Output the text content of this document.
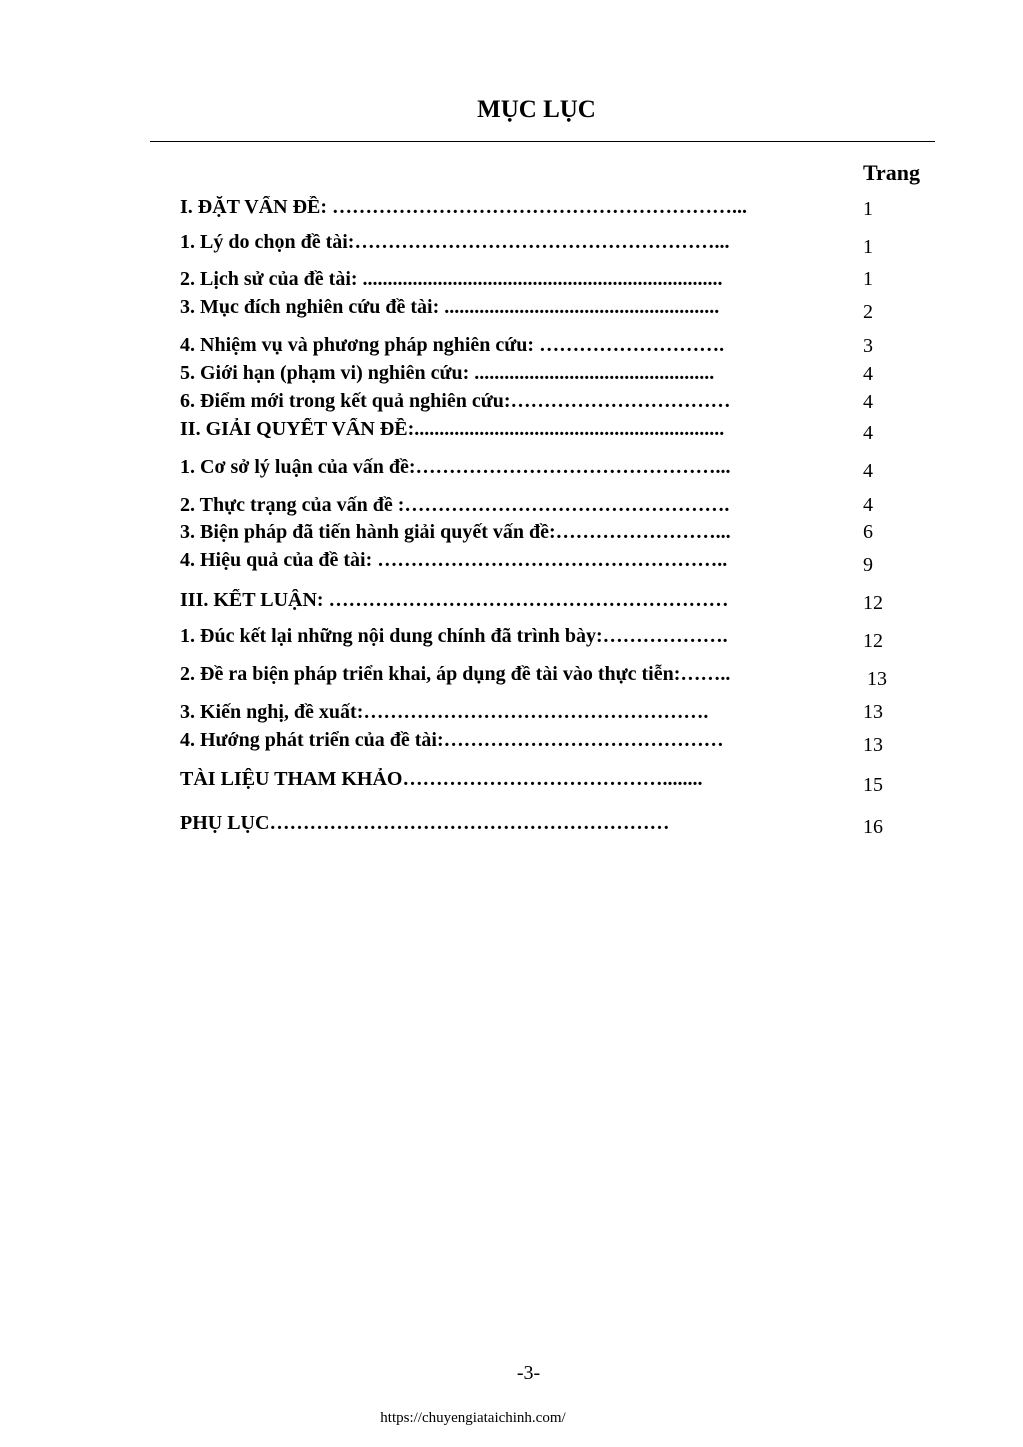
MỤC LỤC
Trang
I. ĐẶT VẤN ĐỀ: ……………………………………………………...	1
1. Lý do chọn đề tài:………………………………………………...	1
2. Lịch sử của đề tài: ........................................................................	1
3. Mục đích nghiên cứu đề tài: .......................................................	2
4. Nhiệm vụ và phương pháp nghiên cứu: ……………………….	3
5. Giới hạn (phạm vi) nghiên cứu: ................................................	4
6. Điểm mới trong kết quả nghiên cứu:……………………………	4
II. GIẢI QUYẾT VẤN ĐỀ:..............................................................	4
1. Cơ sở lý luận của vấn đề:………………………………………...	4
2. Thực trạng của vấn đề :………………………………………….	4
3. Biện pháp đã tiến hành giải quyết vấn đề:……………………...	6
4. Hiệu quả của đề tài: ……………………………………………..	9
III. KẾT LUẬN: ……………………………………………………	12
1. Đúc kết lại những nội dung chính đã trình bày:……………….	12
2. Đề ra biện pháp triển khai, áp dụng đề tài vào thực tiễn:……..	13
3. Kiến nghị, đề xuất:…………………………………………….	13
4. Hướng phát triển của đề tài:……………………………………	13
TÀI LIỆU THAM KHẢO…………………………………........	15
PHỤ LỤC……………………………………………………	16
-3-
https://chuyengiataichinh.com/
